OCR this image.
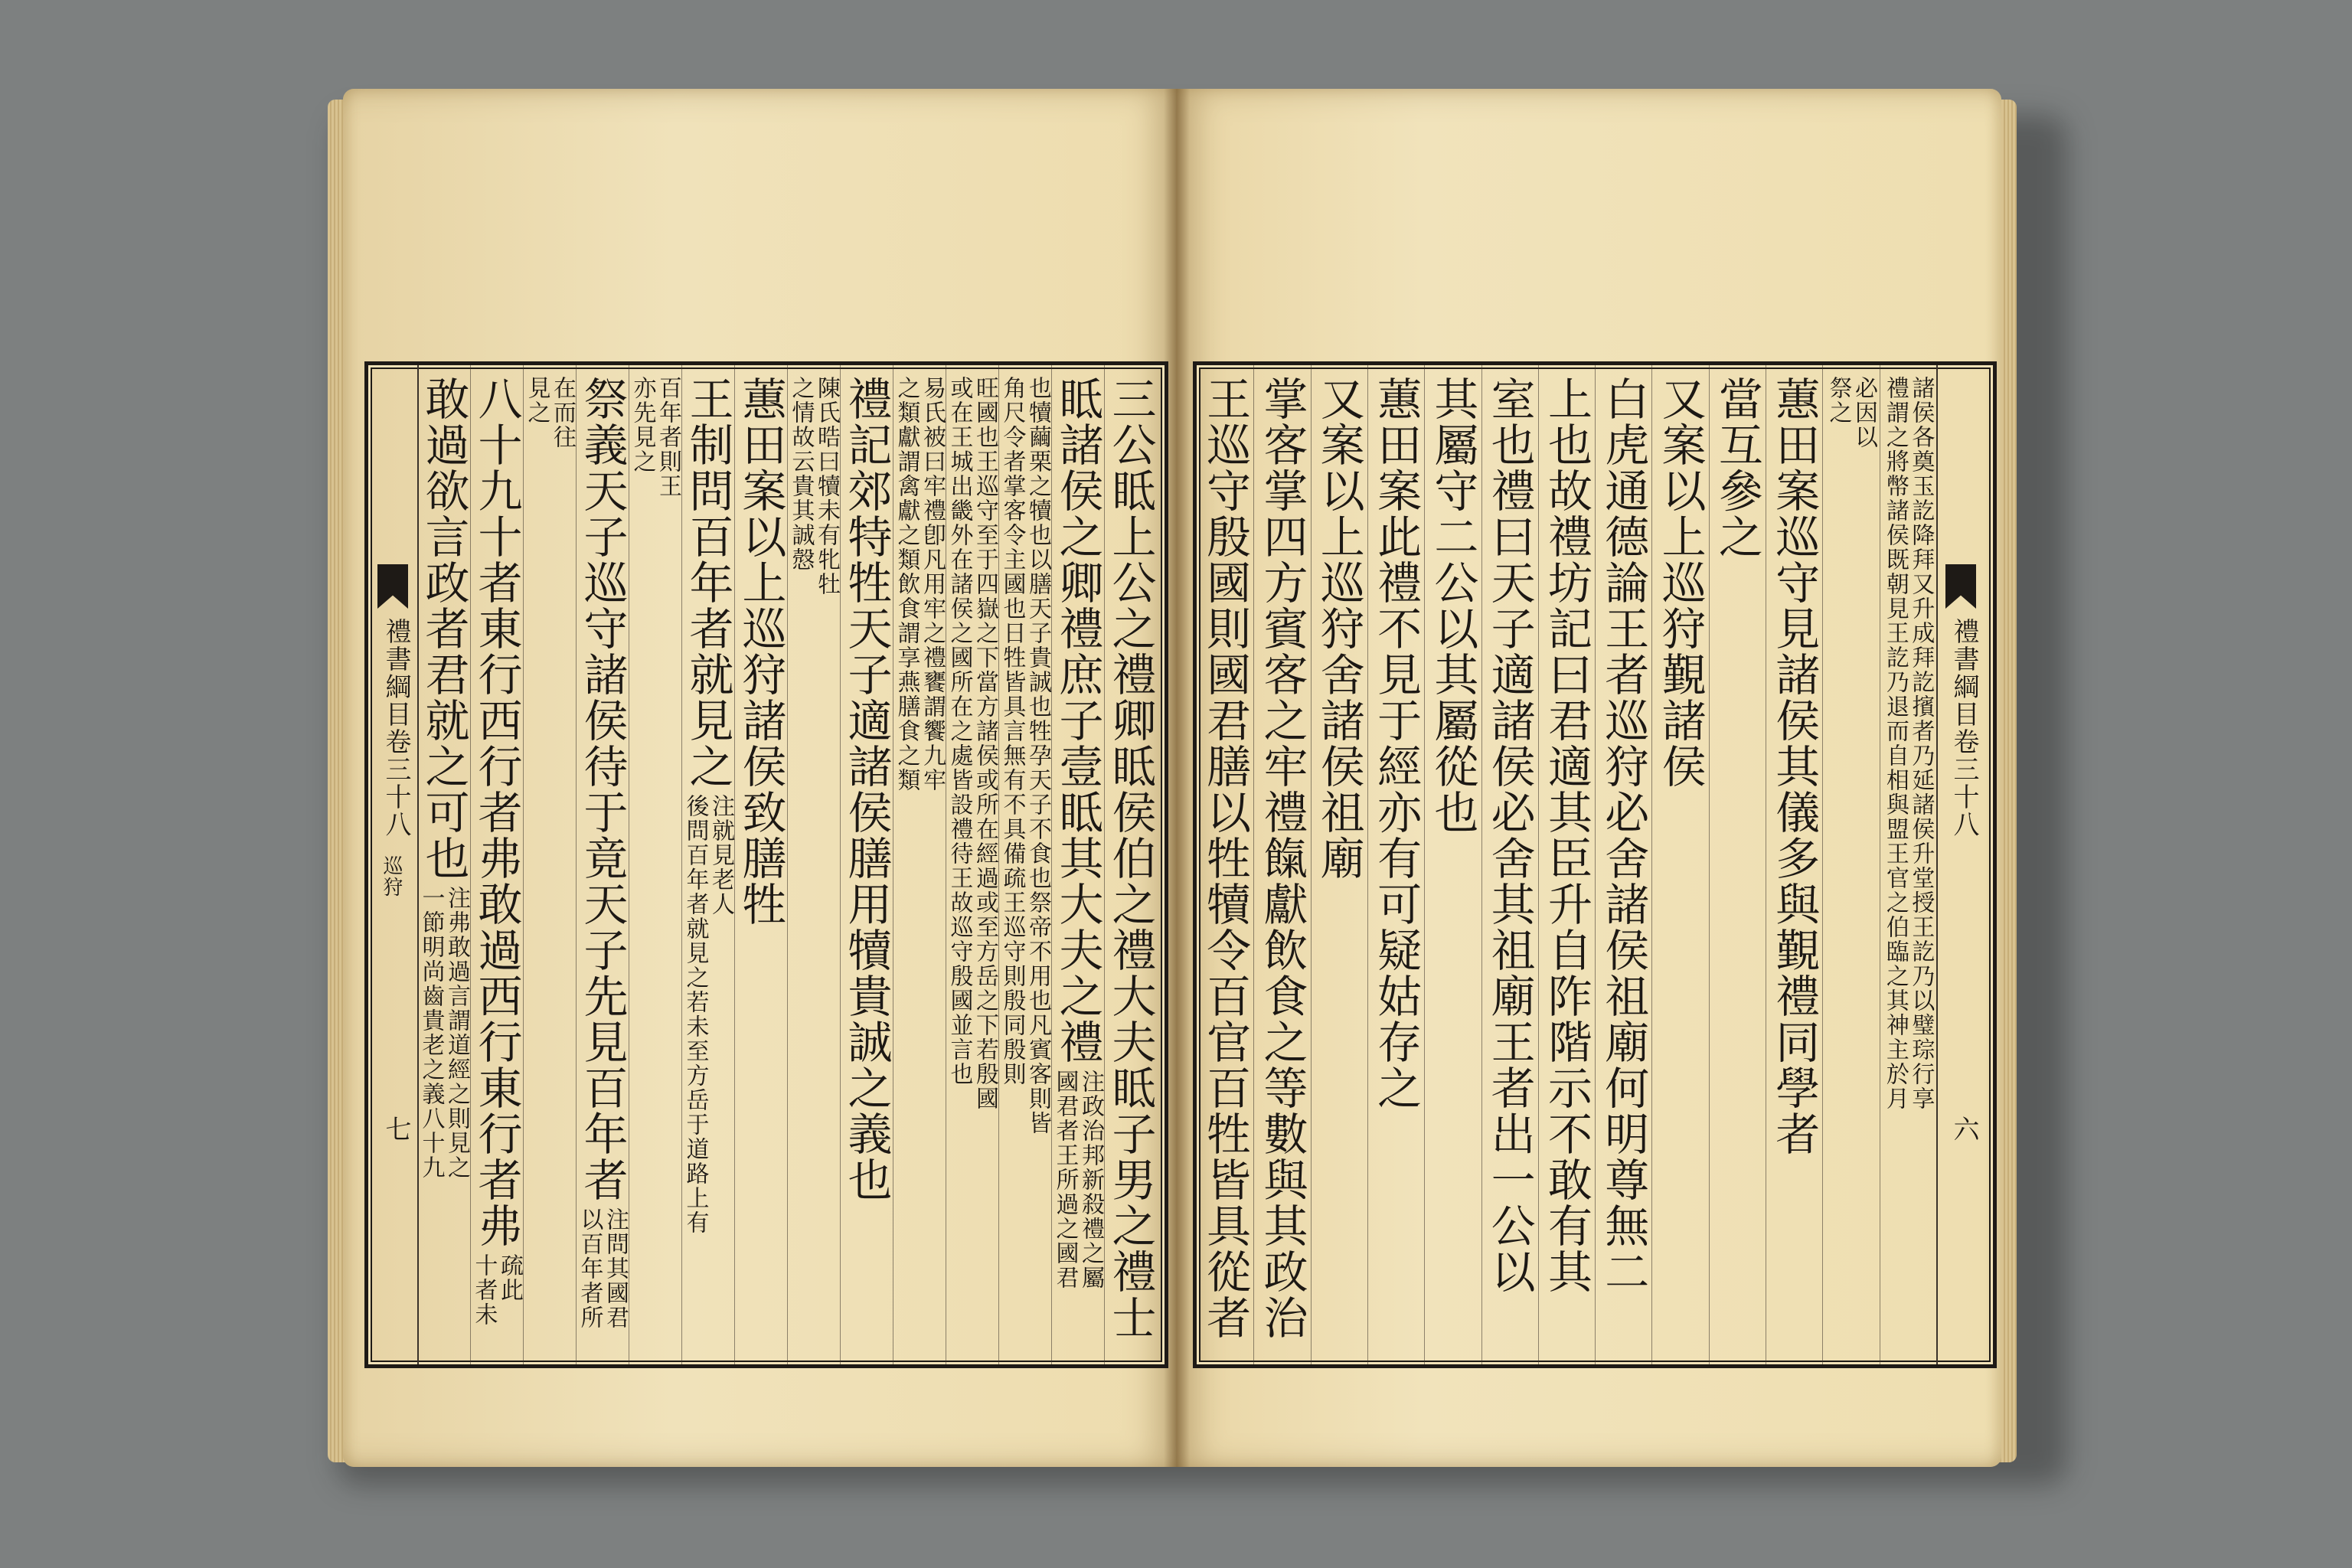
禮書綱目卷三十八
巡狩
七	三公眡上公之禮卿眡侯伯之禮大夫眡子男之禮士
眡諸侯之卿禮庶子壹眡其大夫之禮
注政治邦新殺禮之屬
國君者王所過之國君
也犢繭栗之犢也以膳天子貴誠也牲孕天子不食也祭帝不用也凡賓客則皆
角尺令者掌客令主國也日牲皆具言無有不具備疏王巡守則殷同殷則
旺國也王巡守至于四嶽之下當方諸侯或所在經過或至方岳之下若殷國
或在王城出畿外在諸侯之國所在之處皆設禮待王故巡守殷國並言也
易氏被曰牢禮卽凡用牢之禮饔謂饗九牢
之類獻謂禽獻之類飲食謂享燕膳食之類
禮記郊特牲天子適諸侯膳用犢貴誠之義也
陳氏晧曰犢未有牝牡
之情故云貴其誠慤
蕙田案以上巡狩諸侯致膳牲
王制問百年者就見之
注就見老人
後問百年者就見之若未至方岳于道路上有
百年者則王
亦先見之
祭義天子巡守諸侯待于竟天子先見百年者
注問其國君
以百年者所
在而往
見之
八十九十者東行西行者弗敢過西行東行者弗
疏此
十者未
敢過欲言政者君就之可也
注弗敢過言謂道經之則見之
一節明尚齒貴老之義八十九
禮書綱目卷三十八
六
諸侯各奠玉訖降拜又升成拜訖擯者乃延諸侯升堂授王訖乃以璧琮行享
禮謂之將幣諸侯既朝見王訖乃退而自相與盟王官之伯臨之其神主於月
必因以
祭之
蕙田案巡守見諸侯其儀多與覲禮同學者
當互參之
又案以上巡狩覲諸侯
白虎通德論王者巡狩必舍諸侯祖廟何明尊無二
上也故禮坊記曰君適其臣升自阼階示不敢有其
室也禮曰天子適諸侯必舍其祖廟王者出一公以
其屬守二公以其屬從也
蕙田案此禮不見于經亦有可疑姑存之
又案以上巡狩舍諸侯祖廟
掌客掌四方賓客之牢禮餼獻飲食之等數與其政治
王巡守殷國則國君膳以牲犢令百官百牲皆具從者
